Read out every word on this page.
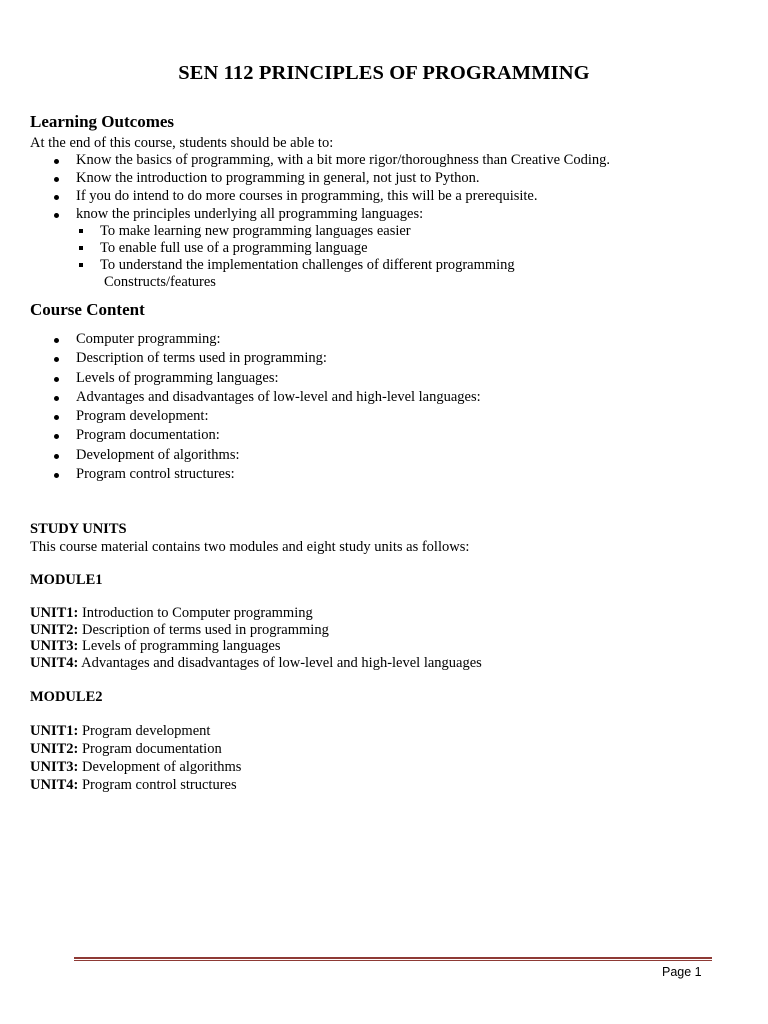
SEN 112 PRINCIPLES OF PROGRAMMING
Learning Outcomes
At the end of this course, students should be able to:
Know the basics of programming, with a bit more rigor/thoroughness than Creative Coding.
Know the introduction to programming in general, not just to Python.
If you do intend to do more courses in programming, this will be a prerequisite.
know the principles underlying all programming languages:
To make learning new programming languages easier
To enable full use of a programming language
To understand the implementation challenges of different programming
Constructs/features
Course Content
Computer programming:
Description of terms used in programming:
Levels of programming languages:
Advantages and disadvantages of low-level and high-level languages:
Program development:
Program documentation:
Development of algorithms:
Program control structures:
STUDY UNITS
This course material contains two modules and eight study units as follows:
MODULE1
UNIT1: Introduction to Computer programming
UNIT2: Description of terms used in programming
UNIT3: Levels of programming languages
UNIT4: Advantages and disadvantages of low-level and high-level languages
MODULE2
UNIT1: Program development
UNIT2: Program documentation
UNIT3: Development of algorithms
UNIT4: Program control structures
Page 1
